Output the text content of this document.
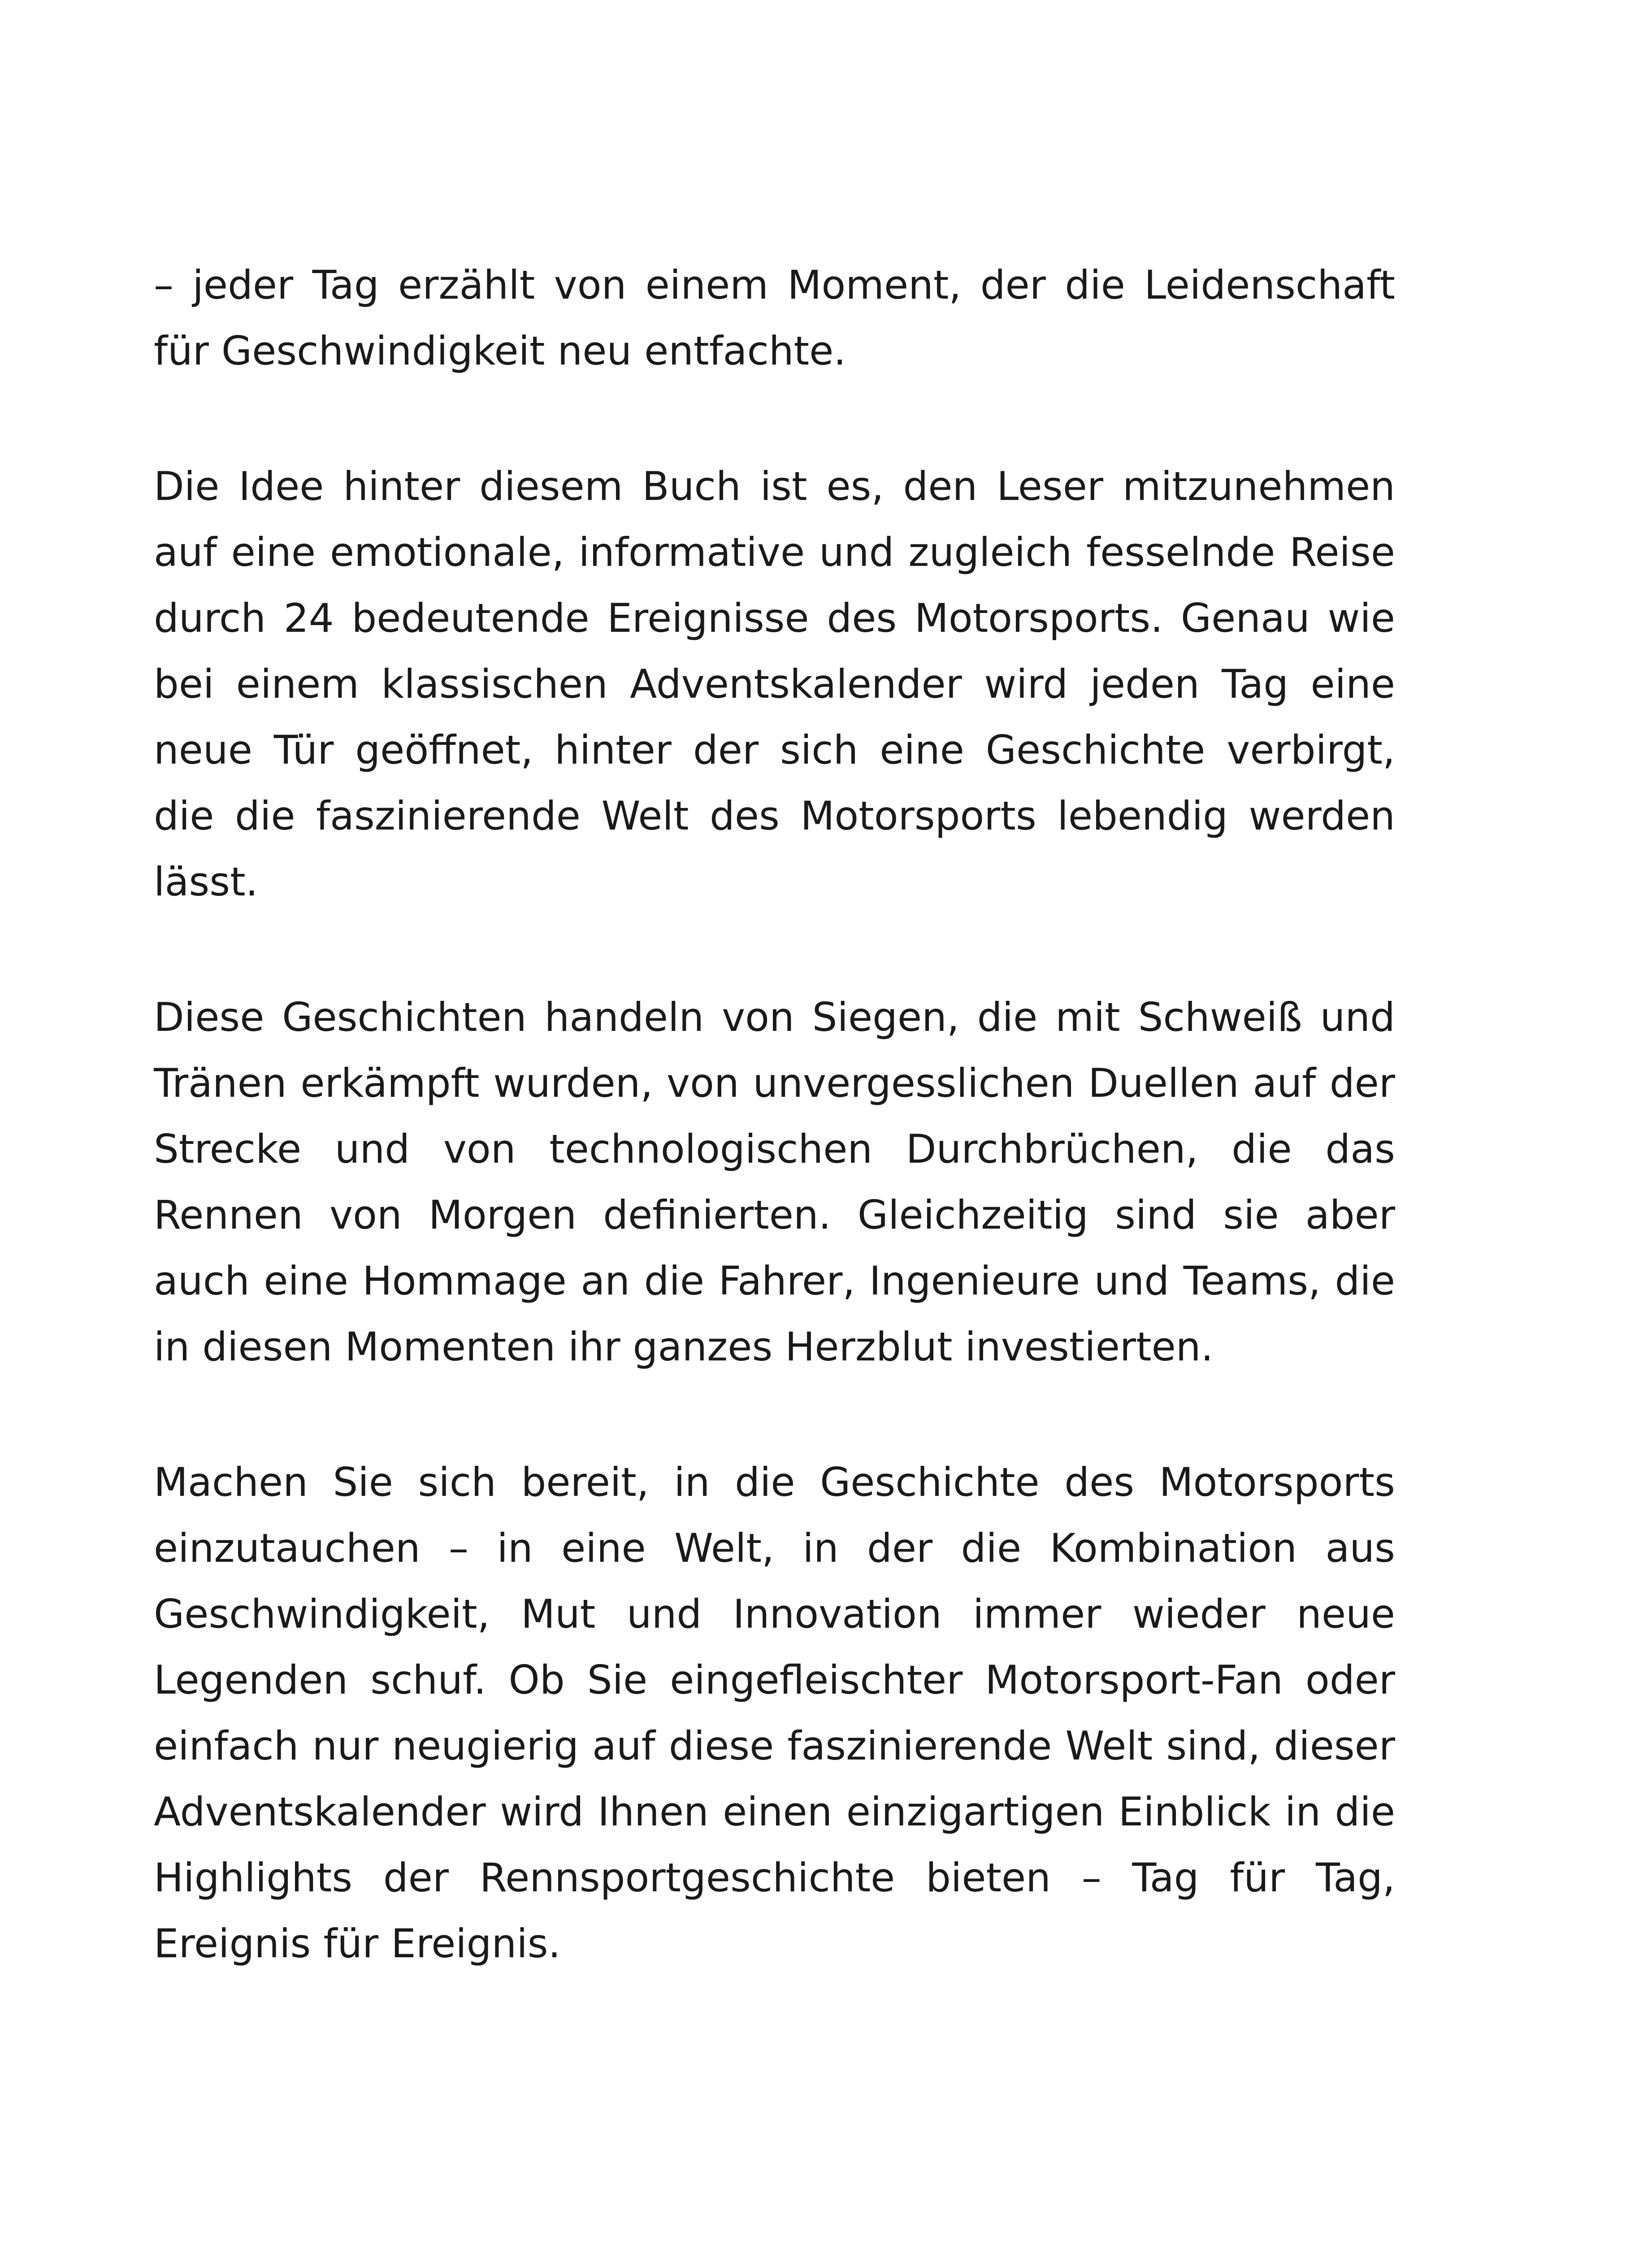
– jeder Tag erzählt von einem Moment, der die Leidenschaft für Geschwindigkeit neu entfachte.

Die Idee hinter diesem Buch ist es, den Leser mitzunehmen auf eine emotionale, informative und zugleich fesselnde Reise durch 24 bedeutende Ereignisse des Motorsports. Genau wie bei einem klassischen Adventskalender wird jeden Tag eine neue Tür geöffnet, hinter der sich eine Geschichte verbirgt, die die faszinierende Welt des Motorsports lebendig werden lässt.

Diese Geschichten handeln von Siegen, die mit Schweiß und Tränen erkämpft wurden, von unvergesslichen Duellen auf der Strecke und von technologischen Durchbrüchen, die das Rennen von Morgen definierten. Gleichzeitig sind sie aber auch eine Hommage an die Fahrer, Ingenieure und Teams, die in diesen Momenten ihr ganzes Herzblut investierten.

Machen Sie sich bereit, in die Geschichte des Motorsports einzutauchen – in eine Welt, in der die Kombination aus Geschwindigkeit, Mut und Innovation immer wieder neue Legenden schuf. Ob Sie eingefleischter Motorsport-Fan oder einfach nur neugierig auf diese faszinierende Welt sind, dieser Adventskalender wird Ihnen einen einzigartigen Einblick in die Highlights der Rennsportgeschichte bieten – Tag für Tag, Ereignis für Ereignis.
